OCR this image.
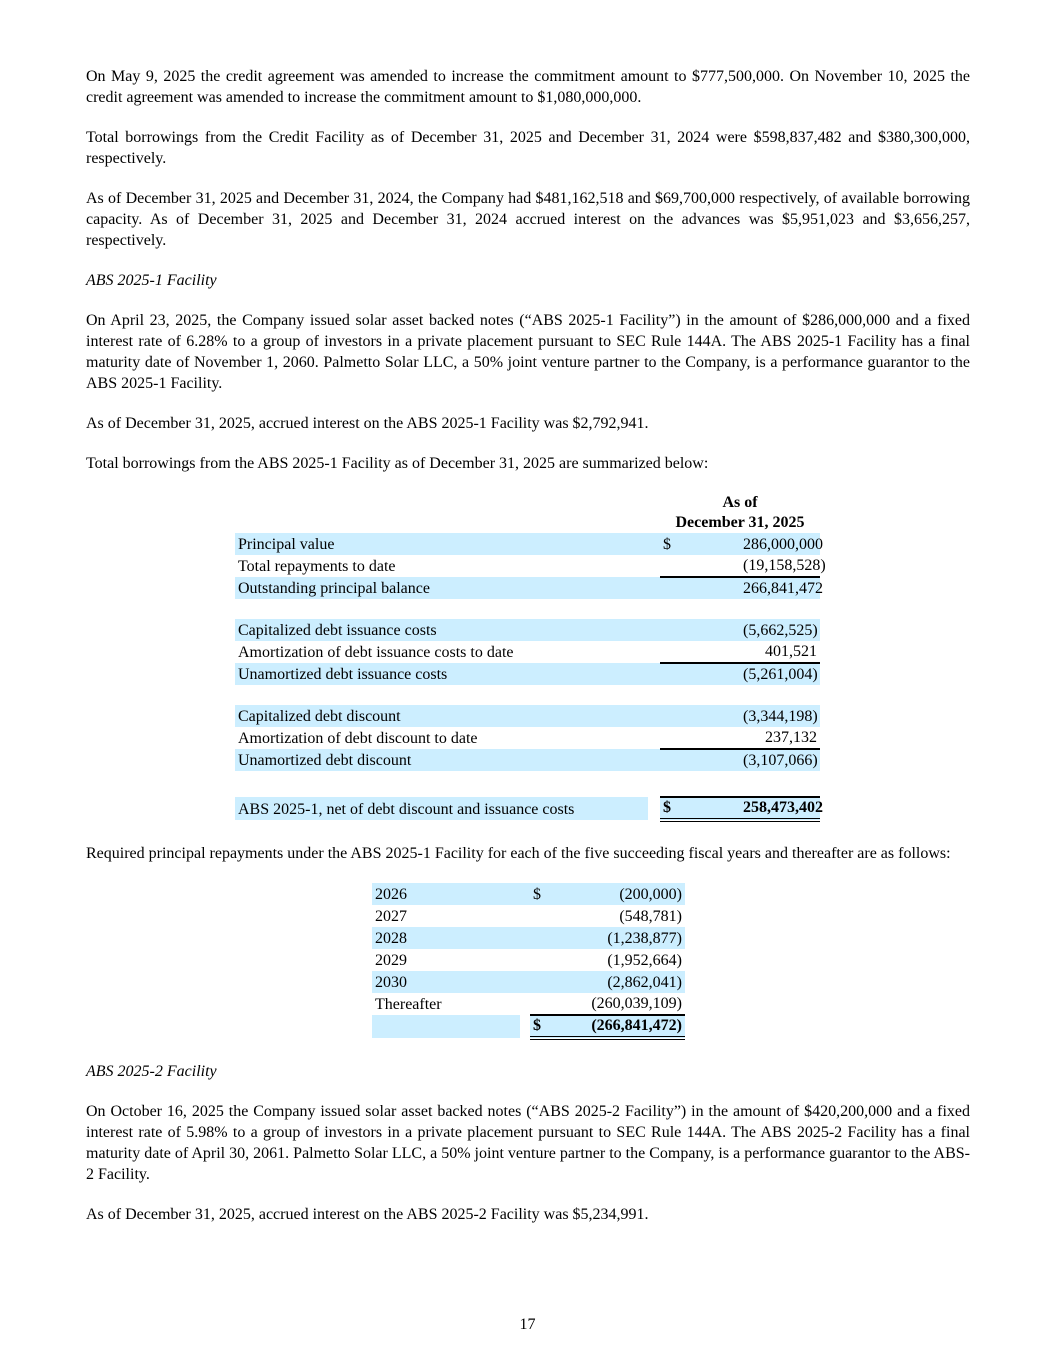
On May 9, 2025 the credit agreement was amended to increase the commitment amount to $777,500,000. On November 10, 2025 the credit agreement was amended to increase the commitment amount to $1,080,000,000.

Total borrowings from the Credit Facility as of December 31, 2025 and December 31, 2024 were $598,837,482 and $380,300,000, respectively.

As of December 31, 2025 and December 31, 2024, the Company had $481,162,518 and $69,700,000 respectively, of available borrowing capacity. As of December 31, 2025 and December 31, 2024 accrued interest on the advances was $5,951,023 and $3,656,257, respectively.

ABS 2025-1 Facility

On April 23, 2025, the Company issued solar asset backed notes (“ABS 2025-1 Facility”) in the amount of $286,000,000 and a fixed interest rate of 6.28% to a group of investors in a private placement pursuant to SEC Rule 144A. The ABS 2025-1 Facility has a final maturity date of November 1, 2060. Palmetto Solar LLC, a 50% joint venture partner to the Company, is a performance guarantor to the ABS 2025-1 Facility.

As of December 31, 2025, accrued interest on the ABS 2025-1 Facility was $2,792,941.

Total borrowings from the ABS 2025-1 Facility as of December 31, 2025 are summarized below:

		As of
December 31, 2025	

Principal value		$	286,000,000
Total repayments to date			(19,158,528)
Outstanding principal balance			266,841,472

Capitalized debt issuance costs			(5,662,525)
Amortization of debt issuance costs to date			401,521
Unamortized debt issuance costs			(5,261,004)

Capitalized debt discount			(3,344,198)
Amortization of debt discount to date			237,132
Unamortized debt discount			(3,107,066)

ABS 2025-1, net of debt discount and issuance costs		$	258,473,402

Required principal repayments under the ABS 2025-1 Facility for each of the five succeeding fiscal years and thereafter are as follows:

2026		$	(200,000)
2027			(548,781)
2028			(1,238,877)
2029			(1,952,664)
2030			(2,862,041)
Thereafter			(260,039,109)
		$	(266,841,472)

ABS 2025-2 Facility

On October 16, 2025 the Company issued solar asset backed notes (“ABS 2025-2 Facility”) in the amount of $420,200,000 and a fixed interest rate of 5.98% to a group of investors in a private placement pursuant to SEC Rule 144A. The ABS 2025-2 Facility has a final maturity date of April 30, 2061. Palmetto Solar LLC, a 50% joint venture partner to the Company, is a performance guarantor to the ABS-2 Facility.

As of December 31, 2025, accrued interest on the ABS 2025-2 Facility was $5,234,991.

17
